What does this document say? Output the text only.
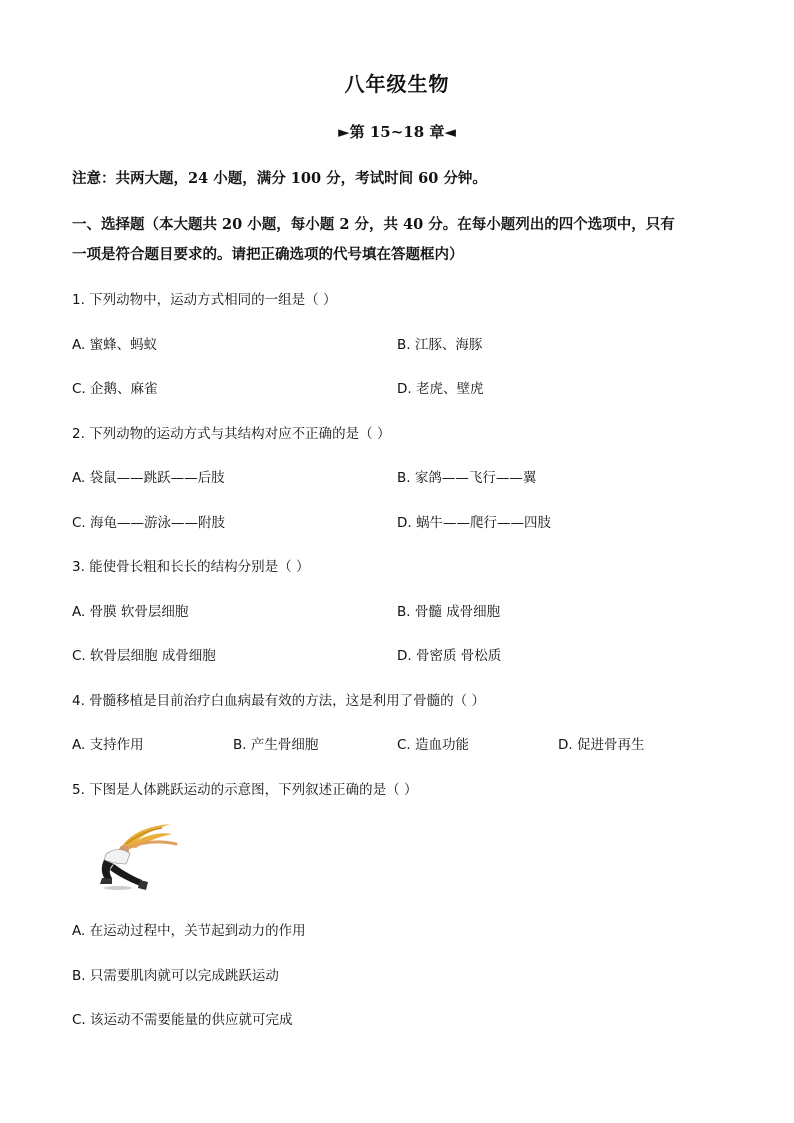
八年级生物
►第 15~18 章◄
注意：共两大题，24 小题，满分 100 分，考试时间 60 分钟。
一、选择题（本大题共 20 小题，每小题 2 分，共 40 分。在每小题列出的四个选项中，只有
一项是符合题目要求的。请把正确选项的代号填在答题框内）
1. 下列动物中，运动方式相同的一组是（ ）
A. 蜜蜂、蚂蚁	B. 江豚、海豚
C. 企鹅、麻雀	D. 老虎、壁虎
2. 下列动物的运动方式与其结构对应不正确的是（ ）
A. 袋鼠——跳跃——后肢	B. 家鸽——飞行——翼
C. 海龟——游泳——附肢	D. 蜗牛——爬行——四肢
3. 能使骨长粗和长长的结构分别是（ ）
A. 骨膜 软骨层细胞	B. 骨髓 成骨细胞
C. 软骨层细胞 成骨细胞	D. 骨密质 骨松质
4. 骨髓移植是目前治疗白血病最有效的方法，这是利用了骨髓的（ ）
A. 支持作用	B. 产生骨细胞	C. 造血功能	D. 促进骨再生
5. 下图是人体跳跃运动的示意图，下列叙述正确的是（ ）
A. 在运动过程中，关节起到动力的作用
B. 只需要肌肉就可以完成跳跃运动
C. 该运动不需要能量的供应就可完成
